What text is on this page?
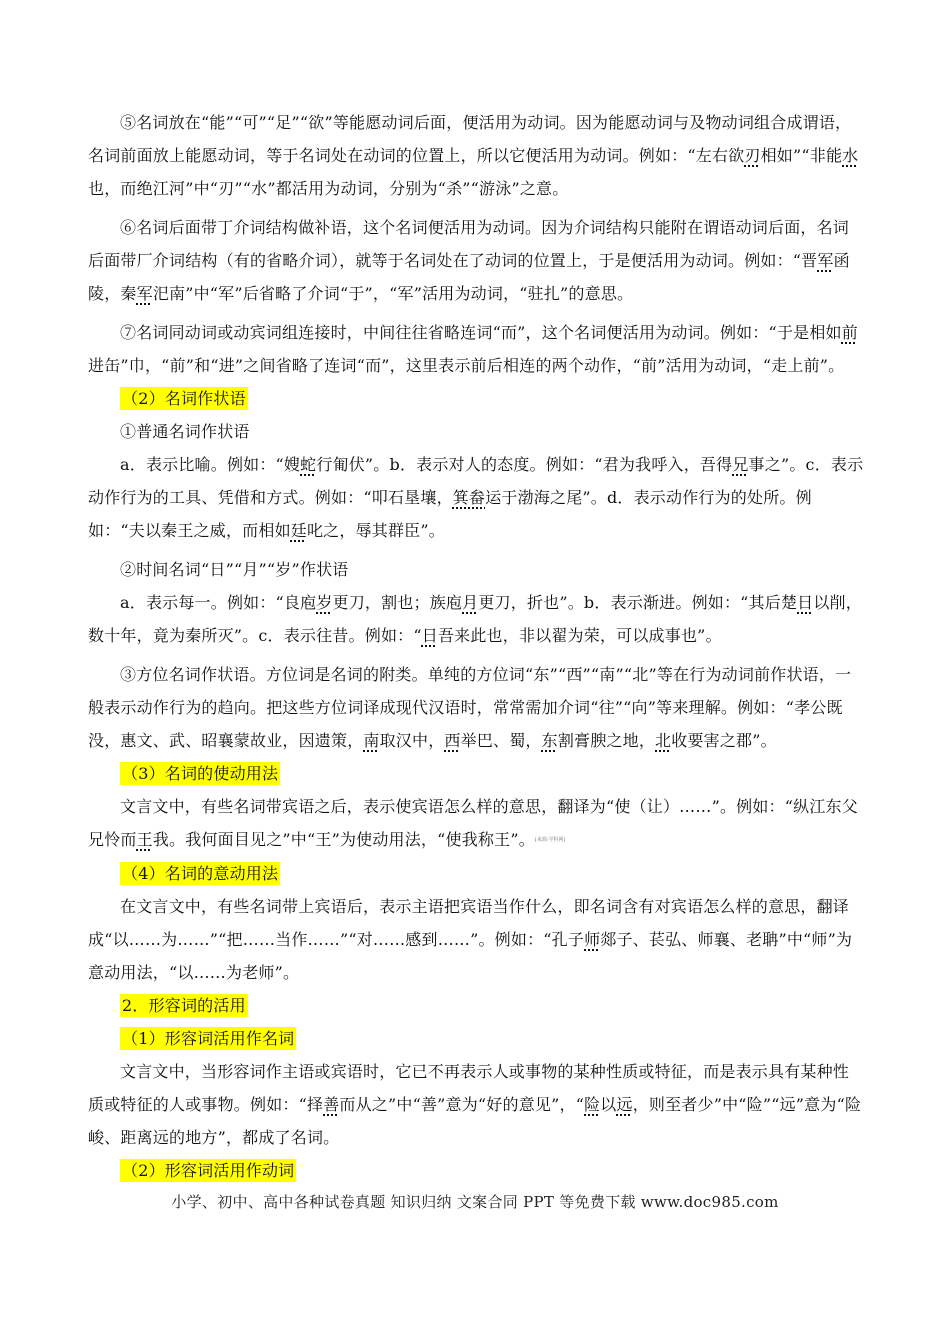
⑤名词放在“能”“可”“足”“欲”等能愿动词后面，便活用为动词。因为能愿动词与及物动词组合成谓语，名词前面放上能愿动词，等于名词处在动词的位置上，所以它便活用为动词。例如：“左右欲刃相如”“非能水也，而绝江河”中“刃”“水”都活用为动词，分别为“杀”“游泳”之意。

⑥名词后面带丁介词结构做补语，这个名词便活用为动词。因为介词结构只能附在谓语动词后面，名词后面带厂介词结构（有的省略介词），就等于名词处在了动词的位置上，于是便活用为动词。例如：“晋军函陵，秦军汜南”中“军”后省略了介词“于”，“军”活用为动词，“驻扎”的意思。

⑦名词同动词或动宾词组连接时，中间往往省略连词“而”，这个名词便活用为动词。例如：“于是相如前进缶”巾，“前”和“进”之间省略了连词“而”，这里表示前后相连的两个动作，“前”活用为动词，“走上前”。

（2）名词作状语
①普通名词作状语

a．表示比喻。例如：“嫂蛇行匍伏”。b．表示对人的态度。例如：“君为我呼入，吾得兄事之”。c．表示动作行为的工具、凭借和方式。例如：“叩石垦壤，箕畚运于渤海之尾”。d．表示动作行为的处所。例如：“夫以秦王之威，而相如廷叱之，辱其群臣”。

②时间名词“日”“月”“岁”作状语

a．表示每一。例如：“良庖岁更刀，割也；族庖月更刀，折也”。b．表示渐进。例如：“其后楚日以削，数十年，竟为秦所灭”。c．表示往昔。例如：“日吾来此也，非以翟为荣，可以成事也”。

③方位名词作状语。方位词是名词的附类。单纯的方位词“东”“西”“南”“北”等在行为动词前作状语，一般表示动作行为的趋向。把这些方位词译成现代汉语时，常常需加介词“往”“向”等来理解。例如：“孝公既没，惠文、武、昭襄蒙故业，因遗策，南取汉中，西举巴、蜀，东割膏腴之地，北收要害之郡”。

（3）名词的使动用法

文言文中，有些名词带宾语之后，表示使宾语怎么样的意思，翻译为“使（让）……”。例如：“纵江东父兄怜而王我。我何面目见之”中“王”为使动用法，“使我称王”。[来源:学科网]

（4）名词的意动用法

在文言文中，有些名词带上宾语后，表示主语把宾语当作什么，即名词含有对宾语怎么样的意思，翻译成“以……为……”“把……当作……”“对……感到……”。例如：“孔子师郯子、苌弘、师襄、老聃”中“师”为意动用法，“以……为老师”。

2．形容词的活用
（1）形容词活用作名词

文言文中，当形容词作主语或宾语时，它已不再表示人或事物的某种性质或特征，而是表示具有某种性质或特征的人或事物。例如：“择善而从之”中“善”意为“好的意见”，“险以远，则至者少”中“险”“远”意为“险峻、距离远的地方”，都成了名词。

（2）形容词活用作动词
小学、初中、高中各种试卷真题 知识归纳 文案合同 PPT 等免费下载 www.doc985.com
